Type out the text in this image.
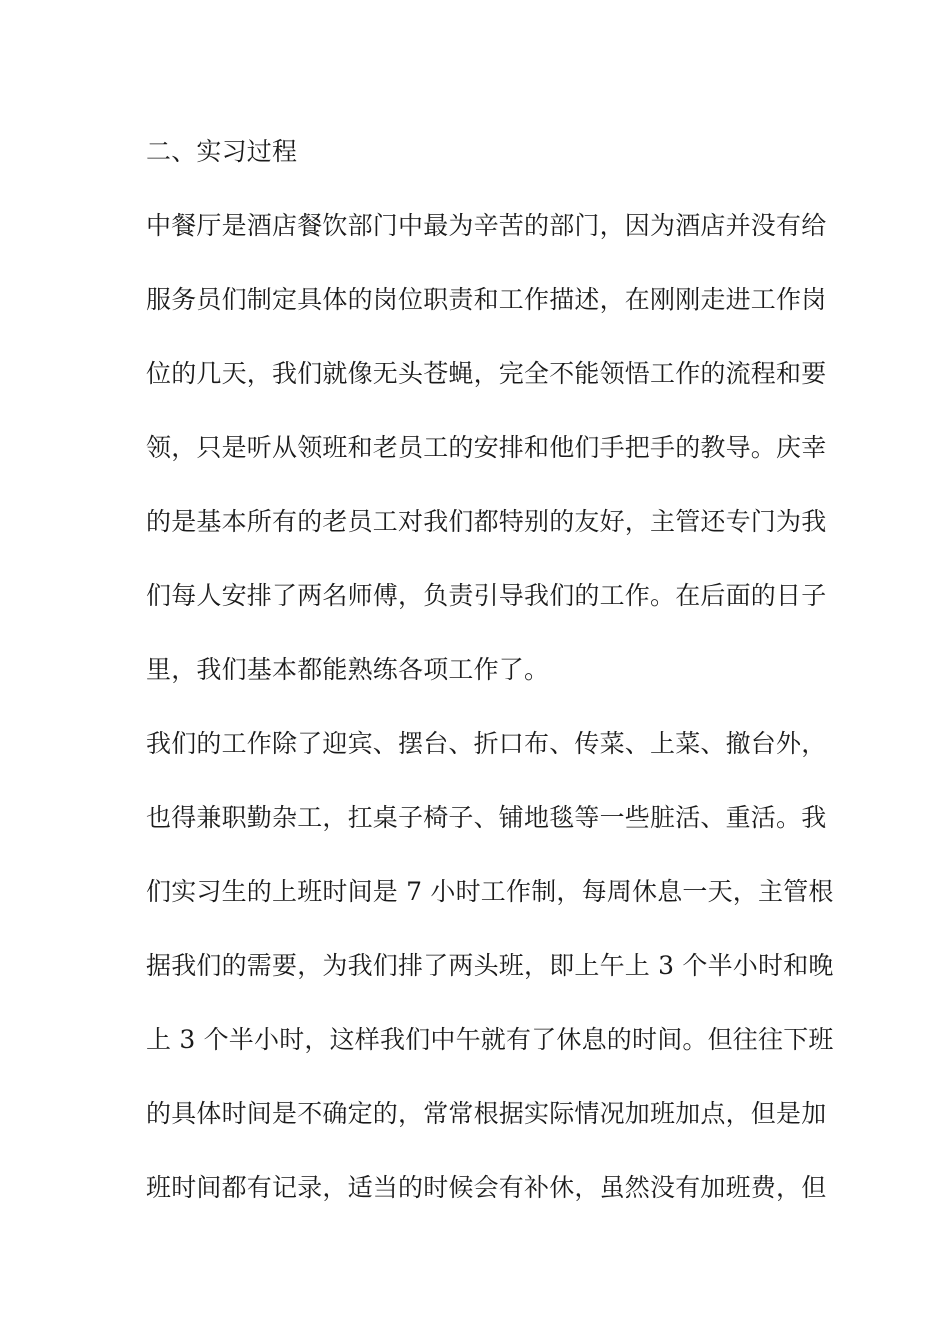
二、实习过程
中餐厅是酒店餐饮部门中最为辛苦的部门，因为酒店并没有给
服务员们制定具体的岗位职责和工作描述，在刚刚走进工作岗
位的几天，我们就像无头苍蝇，完全不能领悟工作的流程和要
领，只是听从领班和老员工的安排和他们手把手的教导。庆幸
的是基本所有的老员工对我们都特别的友好，主管还专门为我
们每人安排了两名师傅，负责引导我们的工作。在后面的日子
里，我们基本都能熟练各项工作了。
我们的工作除了迎宾、摆台、折口布、传菜、上菜、撤台外，
也得兼职勤杂工，扛桌子椅子、铺地毯等一些脏活、重活。我
们实习生的上班时间是 7 小时工作制，每周休息一天，主管根
据我们的需要，为我们排了两头班，即上午上 3 个半小时和晚
上 3 个半小时，这样我们中午就有了休息的时间。但往往下班
的具体时间是不确定的，常常根据实际情况加班加点，但是加
班时间都有记录，适当的时候会有补休，虽然没有加班费，但
